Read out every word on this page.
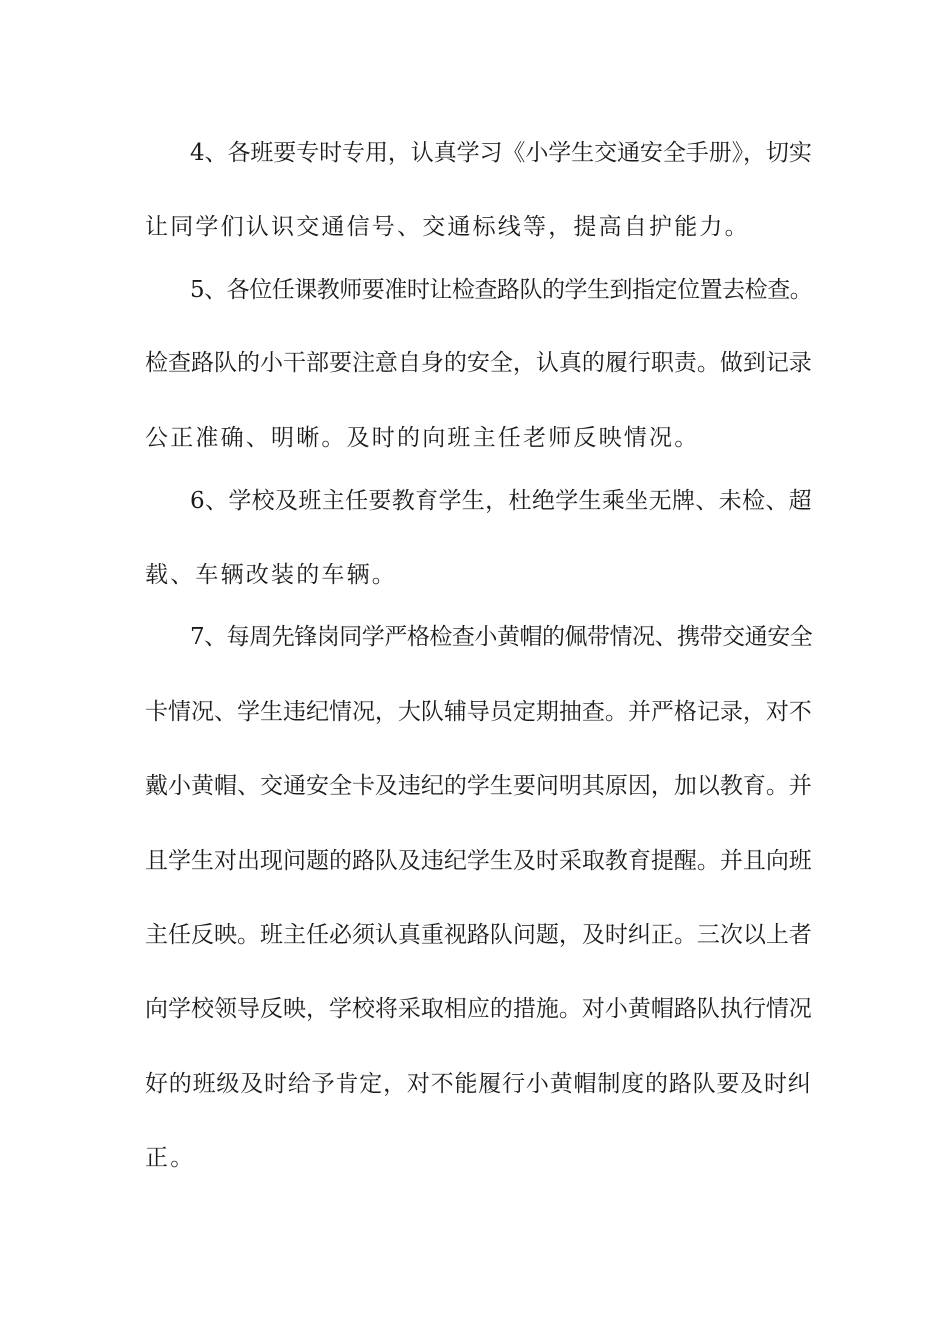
4、各班要专时专用，认真学习《小学生交通安全手册》，切实
让同学们认识交通信号、交通标线等，提高自护能力。
5、各位任课教师要准时让检查路队的学生到指定位置去检查。
检查路队的小干部要注意自身的安全，认真的履行职责。做到记录
公正准确、明晰。及时的向班主任老师反映情况。
6、学校及班主任要教育学生，杜绝学生乘坐无牌、未检、超
载、车辆改装的车辆。
7、每周先锋岗同学严格检查小黄帽的佩带情况、携带交通安全
卡情况、学生违纪情况，大队辅导员定期抽查。并严格记录，对不
戴小黄帽、交通安全卡及违纪的学生要问明其原因，加以教育。并
且学生对出现问题的路队及违纪学生及时采取教育提醒。并且向班
主任反映。班主任必须认真重视路队问题，及时纠正。三次以上者
向学校领导反映，学校将采取相应的措施。对小黄帽路队执行情况
好的班级及时给予肯定，对不能履行小黄帽制度的路队要及时纠
正。
